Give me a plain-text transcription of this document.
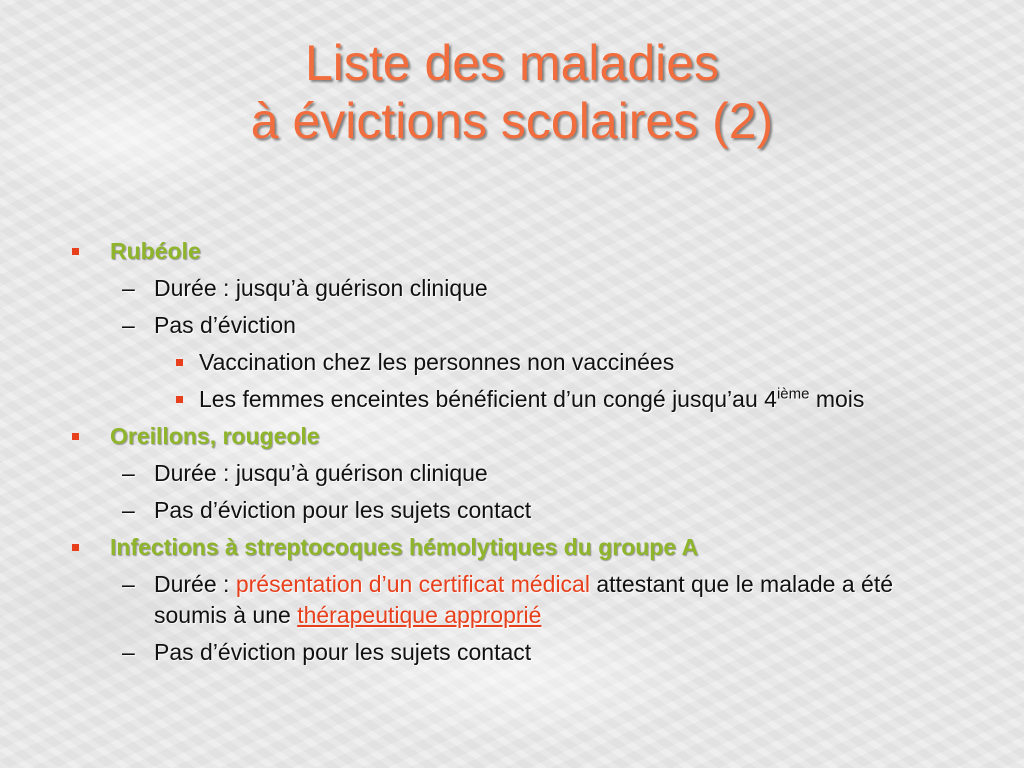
Liste des maladies
à évictions scolaires (2)
Rubéole
– Durée : jusqu’à guérison clinique
– Pas d’éviction
Vaccination chez les personnes non vaccinées
Les femmes enceintes bénéficient d’un congé jusqu’au 4ième mois
Oreillons, rougeole
– Durée : jusqu’à guérison clinique
– Pas d’éviction pour les sujets contact
Infections à streptocoques hémolytiques du groupe A
– Durée : présentation d’un certificat médical attestant que le malade a été soumis à une thérapeutique approprié
– Pas d’éviction pour les sujets contact
